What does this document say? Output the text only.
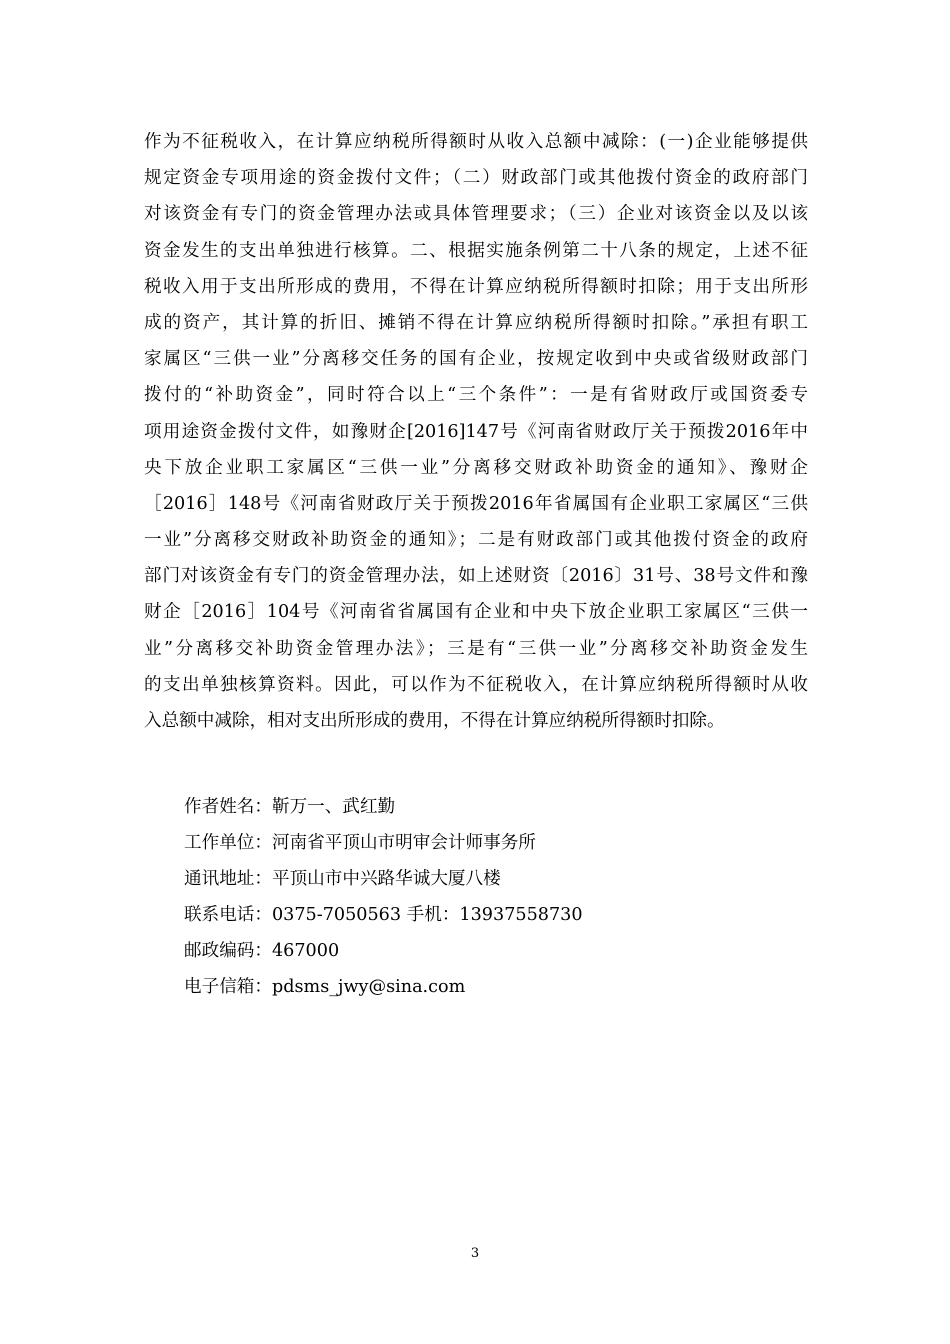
作为不征税收入，在计算应纳税所得额时从收入总额中减除：(一)企业能够提供
规定资金专项用途的资金拨付文件；（二）财政部门或其他拨付资金的政府部门
对该资金有专门的资金管理办法或具体管理要求；（三）企业对该资金以及以该
资金发生的支出单独进行核算。二、根据实施条例第二十八条的规定，上述不征
税收入用于支出所形成的费用，不得在计算应纳税所得额时扣除；用于支出所形
成的资产，其计算的折旧、摊销不得在计算应纳税所得额时扣除。”承担有职工
家属区“三供一业”分离移交任务的国有企业，按规定收到中央或省级财政部门
拨付的“补助资金”，同时符合以上“三个条件”：一是有省财政厅或国资委专
项用途资金拨付文件，如豫财企[2016]147号《河南省财政厅关于预拨2016年中
央下放企业职工家属区“三供一业”分离移交财政补助资金的通知》、豫财企
［2016］148号《河南省财政厅关于预拨2016年省属国有企业职工家属区“三供
一业”分离移交财政补助资金的通知》；二是有财政部门或其他拨付资金的政府
部门对该资金有专门的资金管理办法，如上述财资〔2016〕31号、38号文件和豫
财企［2016］104号《河南省省属国有企业和中央下放企业职工家属区“三供一
业”分离移交补助资金管理办法》；三是有“三供一业”分离移交补助资金发生
的支出单独核算资料。因此，可以作为不征税收入，在计算应纳税所得额时从收
入总额中减除，相对支出所形成的费用，不得在计算应纳税所得额时扣除。
作者姓名：靳万一、武红勤
工作单位：河南省平顶山市明审会计师事务所
通讯地址：平顶山市中兴路华诚大厦八楼
联系电话：0375-7050563 手机：13937558730
邮政编码：467000
电子信箱：pdsms_jwy@sina.com
3
